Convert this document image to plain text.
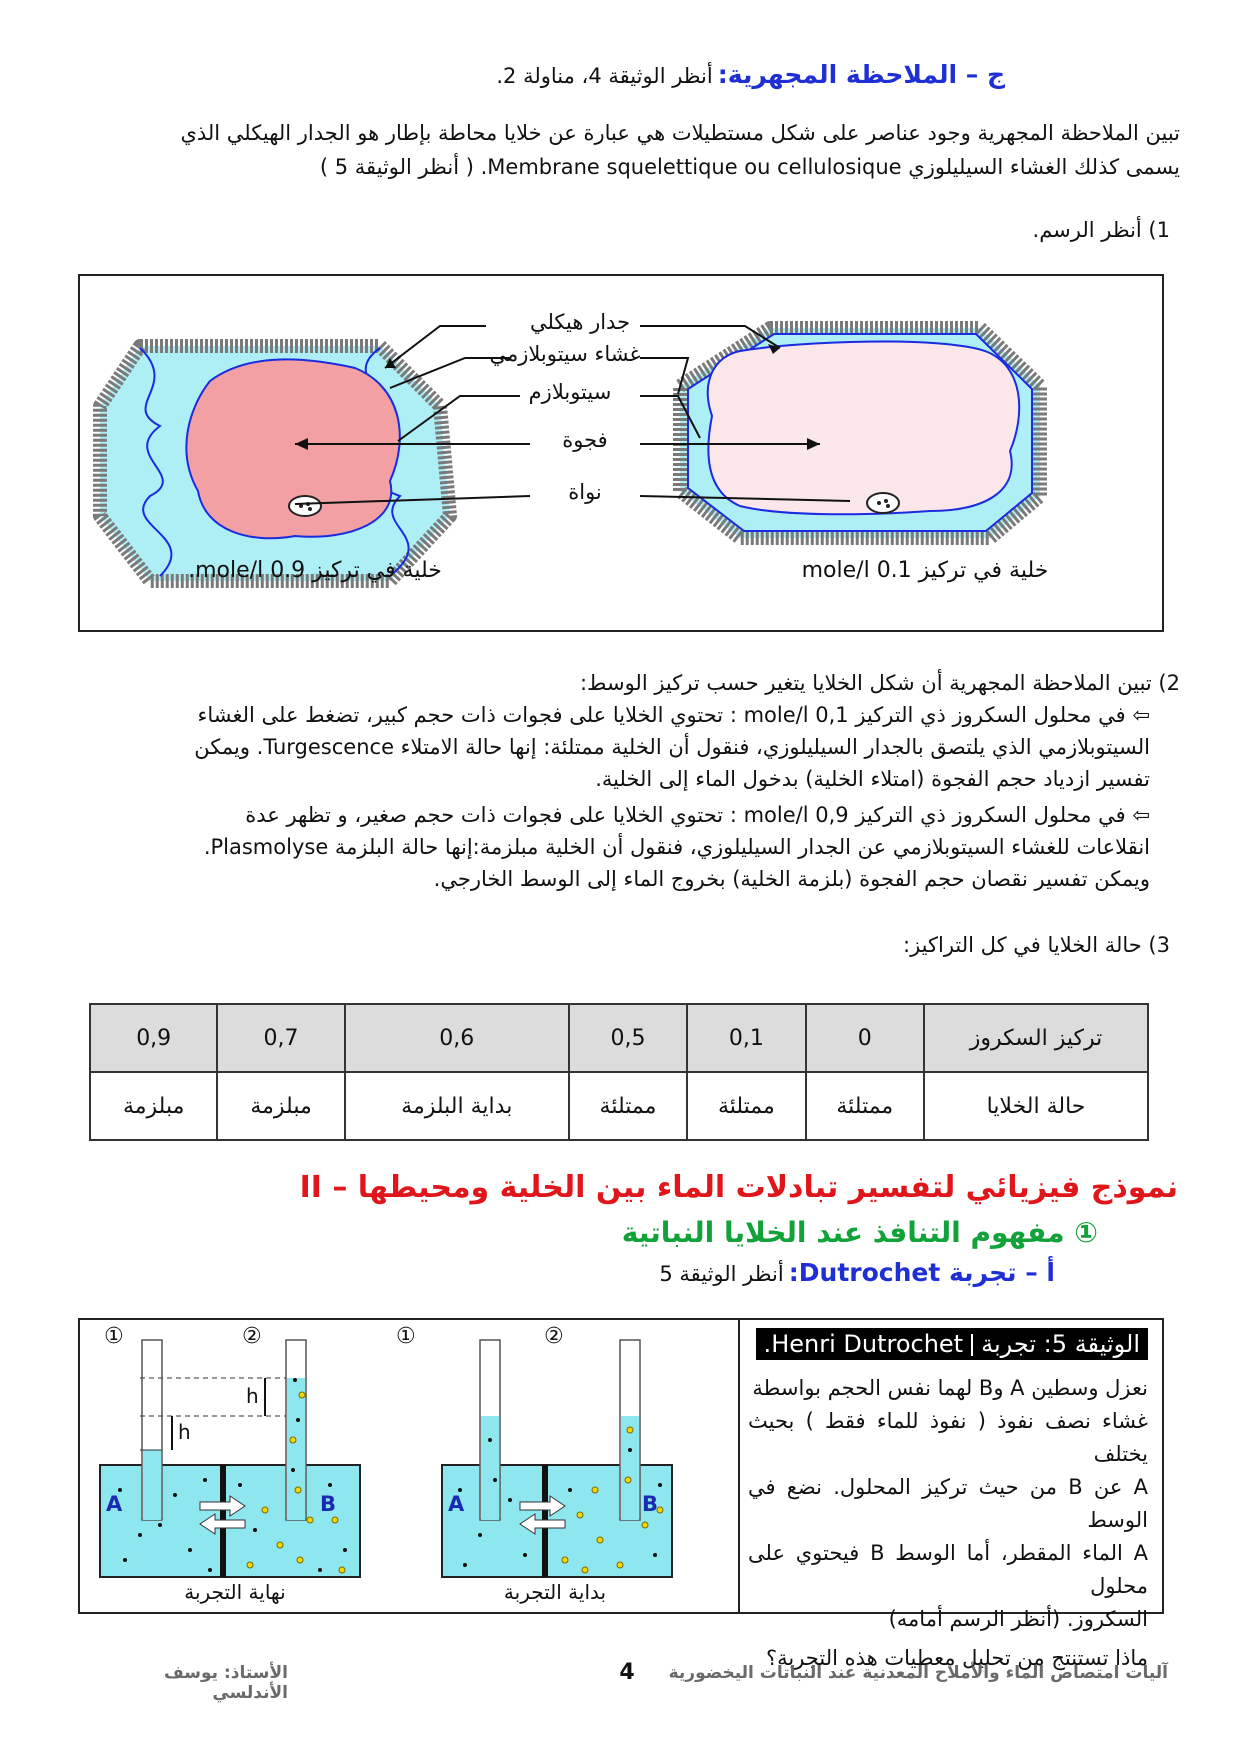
ج – الملاحظة المجهرية: أنظر الوثيقة 4، مناولة 2.
تبين الملاحظة المجهرية وجود عناصر على شكل مستطيلات هي عبارة عن خلايا محاطة بإطار هو الجدار الهيكلي الذي
يسمى كذلك الغشاء السيليلوزي Membrane squelettique ou cellulosique. ( أنظر الوثيقة 5 )
1) أنظر الرسم.
جدار هيكلي
غشاء سيتوبلازمي
سيتوبلازم
فجوة
نواة
خلية في تركيز 0.9 mole/l.	خلية في تركيز 0.1 mole/l
2) تبين الملاحظة المجهرية أن شكل الخلايا يتغير حسب تركيز الوسط:
⇦ في محلول السكروز ذي التركيز 0,1 mole/l : تحتوي الخلايا على فجوات ذات حجم كبير، تضغط على الغشاء
السيتوبلازمي الذي يلتصق بالجدار السيليلوزي، فنقول أن الخلية ممتلئة: إنها حالة الامتلاء Turgescence. ويمكن
تفسير ازدياد حجم الفجوة (امتلاء الخلية) بدخول الماء إلى الخلية.
⇦ في محلول السكروز ذي التركيز 0,9 mole/l : تحتوي الخلايا على فجوات ذات حجم صغير، و تظهر عدة
انقلاعات للغشاء السيتوبلازمي عن الجدار السيليلوزي، فنقول أن الخلية مبلزمة:إنها حالة البلزمة Plasmolyse.
ويمكن تفسير نقصان حجم الفجوة (بلزمة الخلية) بخروج الماء إلى الوسط الخارجي.
3) حالة الخلايا في كل التراكيز:
تركيز السكروز	0	0,1	0,5	0,6	0,7	0,9
حالة الخلايا	ممتلئة	ممتلئة	ممتلئة	بداية البلزمة	مبلزمة	مبلزمة
II – نموذج فيزيائي لتفسير تبادلات الماء بين الخلية ومحيطها
① مفهوم التنافذ عند الخلايا النباتية
أ – تجربة Dutrochet: أنظر الوثيقة 5
الوثيقة 5: تجربةHenri Dutrochet.
نعزل وسطين A وB لهما نفس الحجم بواسطة
غشاء نصف نفوذ ( نفوذ للماء فقط ) بحيث يختلف
A عن B من حيث تركيز المحلول. نضع في الوسط
A الماء المقطر، أما الوسط B فيحتوي على محلول
السكروز. (أنظر الرسم أمامه)
ماذا تستنتج من تحليل معطيات هذه التجربة؟
①	②	①	②
h
h
A	B	A	B
نهاية التجربة	بداية التجربة
آليات امتصاص الماء والأملاح المعدنية عند النباتات اليخضورية
4
الأستاذ: يوسف الأندلسي
